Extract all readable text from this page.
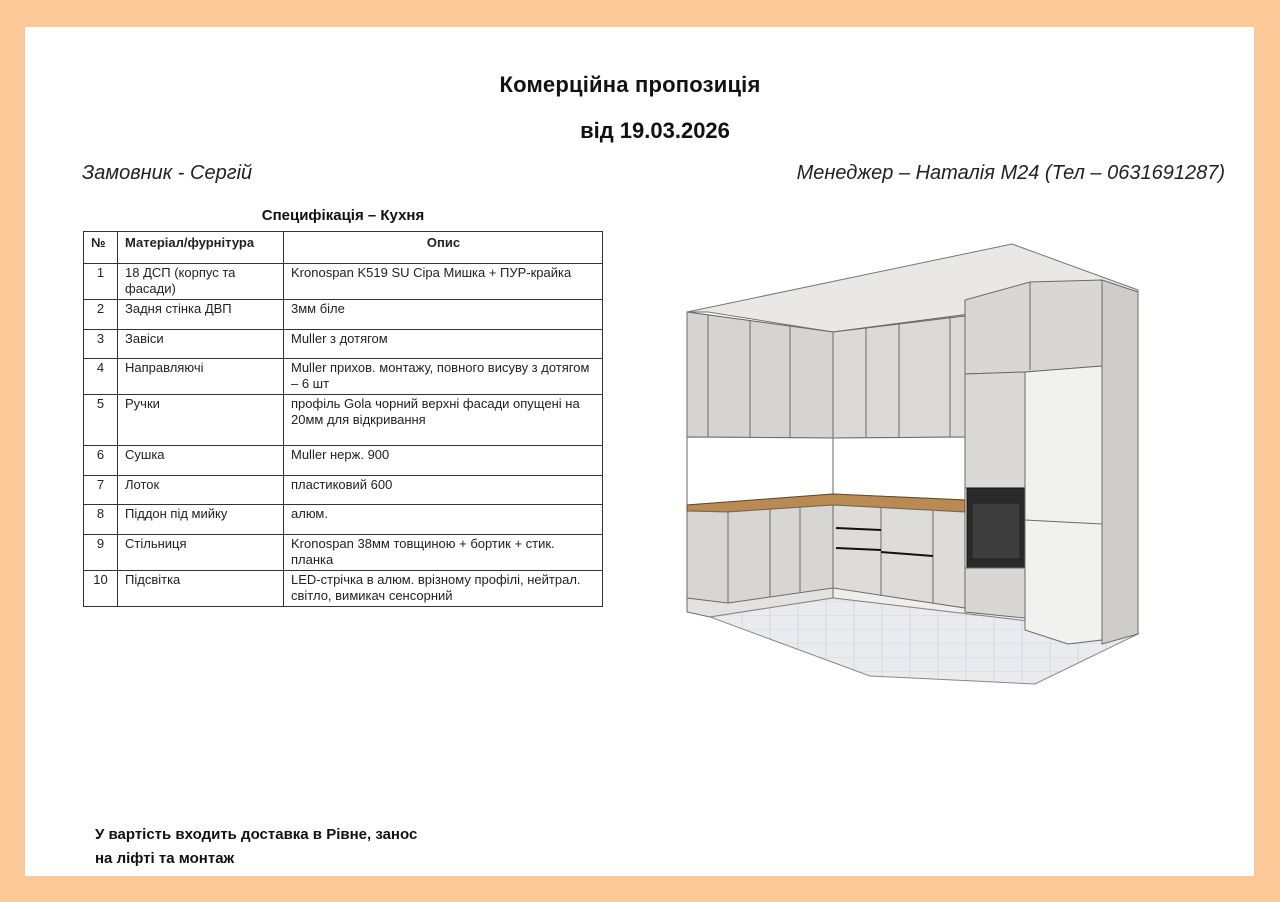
Комерційна пропозиція
від 19.03.2026
Замовник - Сергій	Менеджер – Наталія М24 (Тел – 0631691287)
Специфікація – Кухня
№	Матеріал/фурнітура	Опис
1	18 ДСП (корпус та фасади)	Kronospan K519 SU Сіра Мишка + ПУР-крайка
2	Задня стінка ДВП	3мм біле
3	Завіси	Muller з дотягом
4	Направляючі	Muller прихов. монтажу, повного висуву з дотягом – 6 шт
5	Ручки	профіль Gola чорний верхні фасади опущені на 20мм для відкривання
6	Сушка	Muller нерж. 900
7	Лоток	пластиковий 600
8	Піддон під мийку	алюм.
9	Стільниця	Kronospan 38мм товщиною + бортик + стик. планка
10	Підсвітка	LED-стрічка в алюм. врізному профілі, нейтрал. світло, вимикач сенсорний
У вартість входить доставка в Рівне, занос
на ліфті та монтаж
